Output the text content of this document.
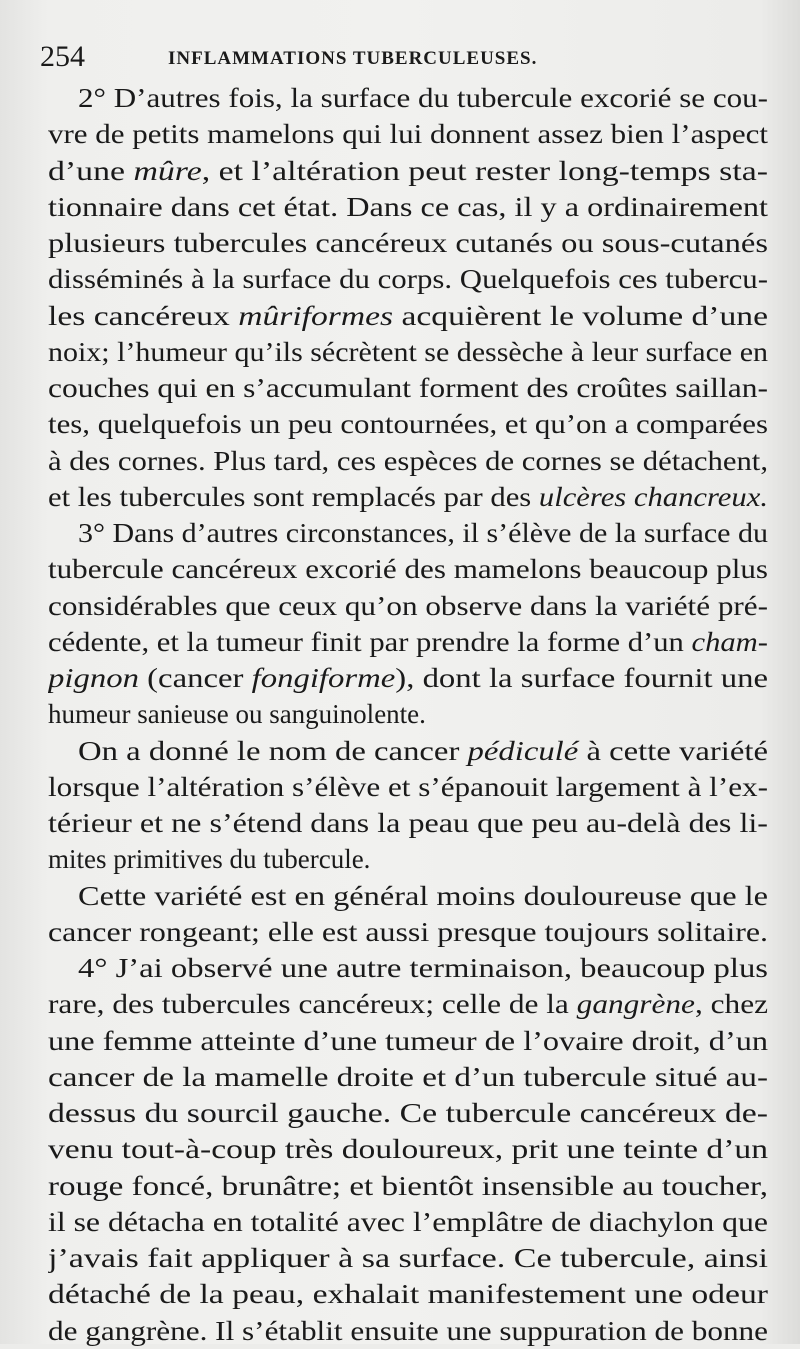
254	INFLAMMATIONS TUBERCULEUSES.
2° D’autres fois, la surface du tubercule excorié se cou-
vre de petits mamelons qui lui donnent assez bien l’aspect
d’une mûre, et l’altération peut rester long-temps sta-
tionnaire dans cet état. Dans ce cas, il y a ordinairement
plusieurs tubercules cancéreux cutanés ou sous-cutanés
disséminés à la surface du corps. Quelquefois ces tubercu-
les cancéreux mûriformes acquièrent le volume d’une
noix; l’humeur qu’ils sécrètent se dessèche à leur surface en
couches qui en s’accumulant forment des croûtes saillan-
tes, quelquefois un peu contournées, et qu’on a comparées
à des cornes. Plus tard, ces espèces de cornes se détachent,
et les tubercules sont remplacés par des ulcères chancreux.
3° Dans d’autres circonstances, il s’élève de la surface du
tubercule cancéreux excorié des mamelons beaucoup plus
considérables que ceux qu’on observe dans la variété pré-
cédente, et la tumeur finit par prendre la forme d’un cham-
pignon (cancer fongiforme), dont la surface fournit une
humeur sanieuse ou sanguinolente.
On a donné le nom de cancer pédiculé à cette variété
lorsque l’altération s’élève et s’épanouit largement à l’ex-
térieur et ne s’étend dans la peau que peu au-delà des li-
mites primitives du tubercule.
Cette variété est en général moins douloureuse que le
cancer rongeant; elle est aussi presque toujours solitaire.
4° J’ai observé une autre terminaison, beaucoup plus
rare, des tubercules cancéreux; celle de la gangrène, chez
une femme atteinte d’une tumeur de l’ovaire droit, d’un
cancer de la mamelle droite et d’un tubercule situé au-
dessus du sourcil gauche. Ce tubercule cancéreux de-
venu tout-à-coup très douloureux, prit une teinte d’un
rouge foncé, brunâtre; et bientôt insensible au toucher,
il se détacha en totalité avec l’emplâtre de diachylon que
j’avais fait appliquer à sa surface. Ce tubercule, ainsi
détaché de la peau, exhalait manifestement une odeur
de gangrène. Il s’établit ensuite une suppuration de bonne
